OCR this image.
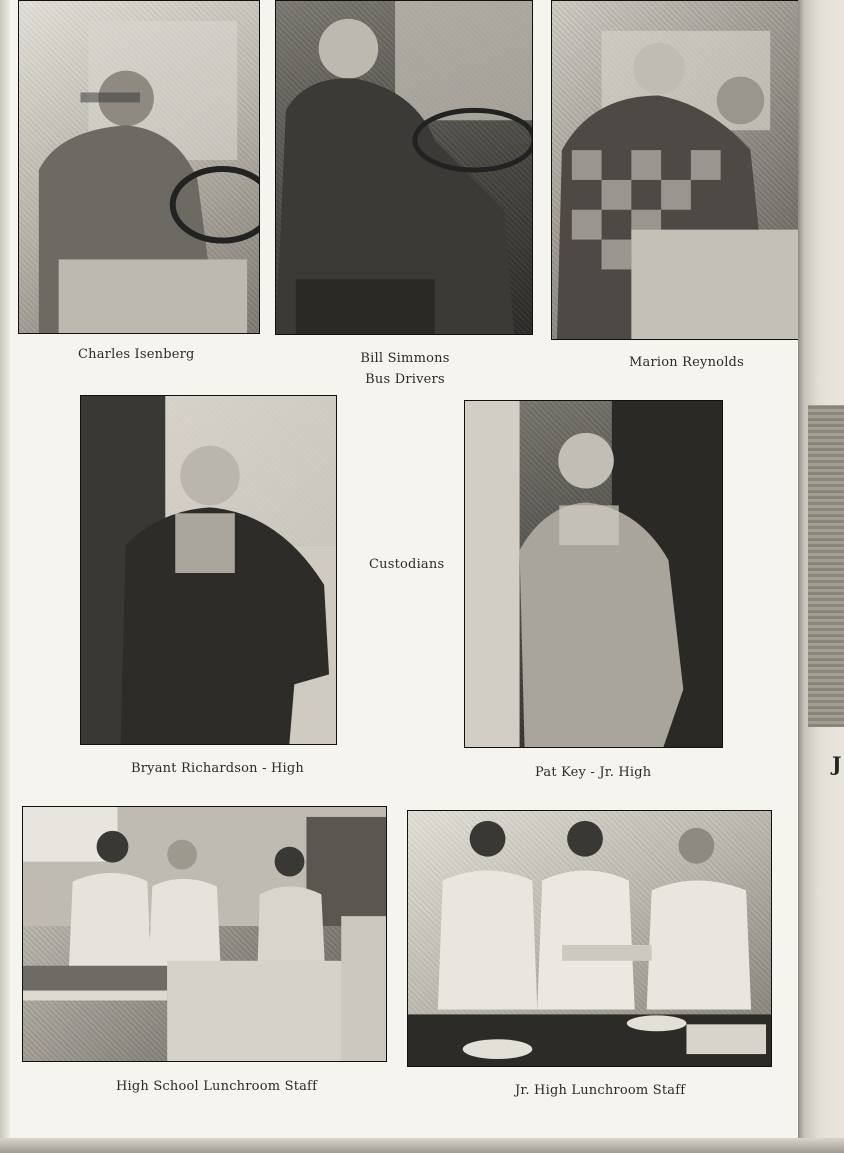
Charles Isenberg	Bill Simmons
Bus Drivers
Marion Reynolds
Custodians
Bryant Richardson - High	Pat Key - Jr. High
High School Lunchroom Staff	Jr. High Lunchroom Staff
J
